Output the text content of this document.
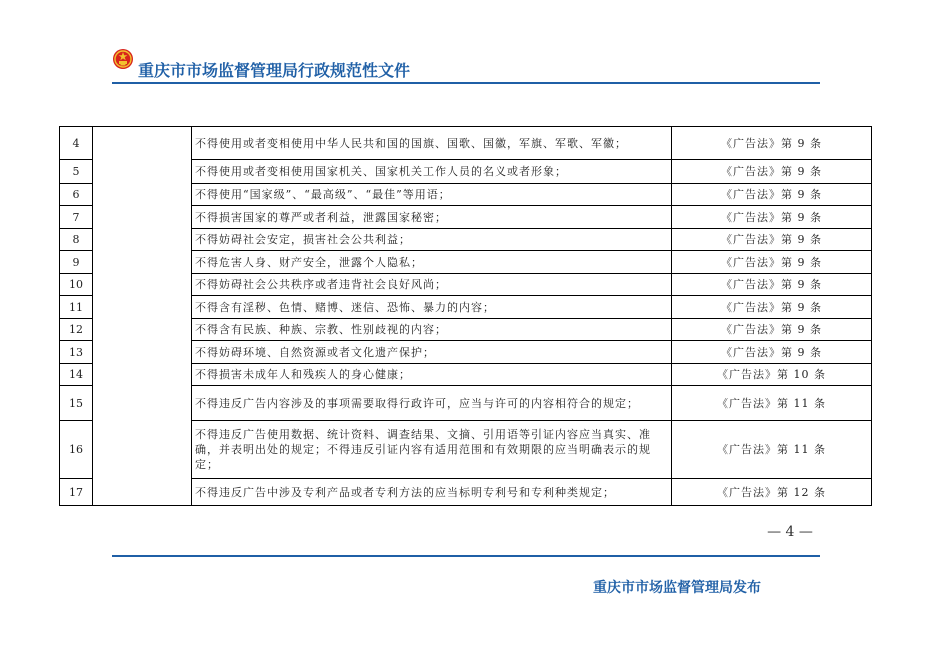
重庆市市场监督管理局行政规范性文件
4		不得使用或者变相使用中华人民共和国的国旗、国歌、国徽，军旗、军歌、军徽；	《广告法》第 9 条
5		不得使用或者变相使用国家机关、国家机关工作人员的名义或者形象；	《广告法》第 9 条
6		不得使用“国家级”、“最高级”、“最佳”等用语；	《广告法》第 9 条
7		不得损害国家的尊严或者利益，泄露国家秘密；	《广告法》第 9 条
8		不得妨碍社会安定，损害社会公共利益；	《广告法》第 9 条
9		不得危害人身、财产安全，泄露个人隐私；	《广告法》第 9 条
10		不得妨碍社会公共秩序或者违背社会良好风尚；	《广告法》第 9 条
11		不得含有淫秽、色情、赌博、迷信、恐怖、暴力的内容；	《广告法》第 9 条
12		不得含有民族、种族、宗教、性别歧视的内容；	《广告法》第 9 条
13		不得妨碍环境、自然资源或者文化遗产保护；	《广告法》第 9 条
14		不得损害未成年人和残疾人的身心健康；	《广告法》第 10 条
15		不得违反广告内容涉及的事项需要取得行政许可，应当与许可的内容相符合的规定；	《广告法》第 11 条
16		不得违反广告使用数据、统计资料、调查结果、文摘、引用语等引证内容应当真实、准确，并表明出处的规定；不得违反引证内容有适用范围和有效期限的应当明确表示的规定；	《广告法》第 11 条
17		不得违反广告中涉及专利产品或者专利方法的应当标明专利号和专利种类规定；	《广告法》第 12 条
— 4 —
重庆市市场监督管理局发布
